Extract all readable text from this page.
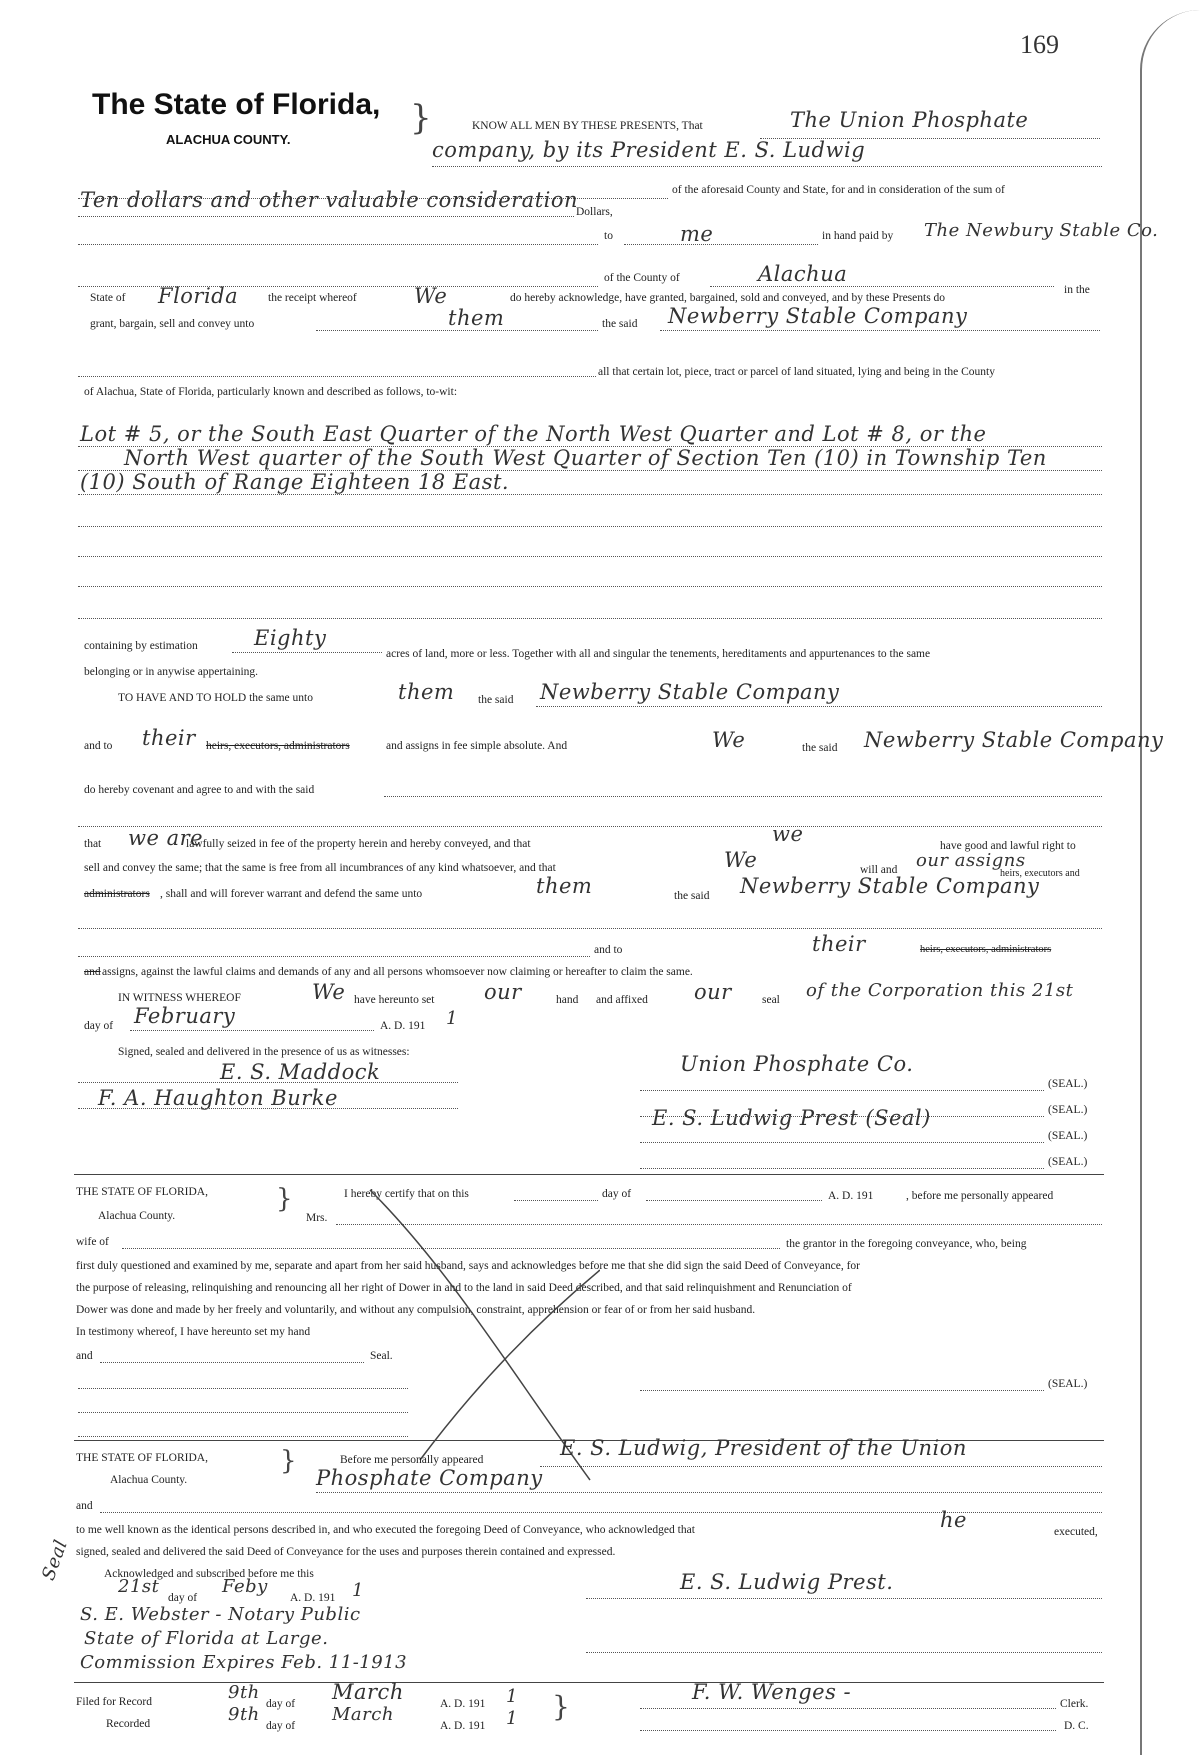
169
The State of Florida,
ALACHUA COUNTY.
}	KNOW ALL MEN BY THESE PRESENTS, That	The Union Phosphate
company, by its President E. S. Ludwig
of the aforesaid County and State, for and in consideration of the sum of
Ten dollars and other valuable consideration
Dollars,
to	me	in hand paid by The Newbury Stable Co.
of the County of	Alachua
in the
State of Florida	the receipt whereof	We	do hereby acknowledge, have granted, bargained, sold and conveyed, and by these Presents do
grant, bargain, sell and convey unto	them	the said Newberry Stable Company
all that certain lot, piece, tract or parcel of land situated, lying and being in the County
of Alachua, State of Florida, particularly known and described as follows, to-wit:
Lot # 5, or the South East Quarter of the North West Quarter and Lot # 8, or the
North West quarter of the South West Quarter of Section Ten (10) in Township Ten
(10) South of Range Eighteen 18 East.
containing by estimation	Eighty
acres of land, more or less. Together with all and singular the tenements, hereditaments and appurtenances to the same
belonging or in anywise appertaining.
TO HAVE AND TO HOLD the same unto	them the said Newberry Stable Company
and to their heirs, executors, administrators	and assigns in fee simple absolute. And	We	the said Newberry Stable Company
do hereby covenant and agree to and with the said
that we are
lawfully seized in fee of the property herein and hereby conveyed, and that	we	have good and lawful right to
sell and convey the same; that the same is free from all incumbrances of any kind whatsoever, and that	We	will and our assigns
heirs, executors and
administrators , shall and will forever warrant and defend the same unto	them	the said Newberry Stable Company
and to	their	heirs, executors, administrators
and assigns, against the lawful claims and demands of any and all persons whomsoever now claiming or hereafter to claim the same.
IN WITNESS WHEREOF	We have hereunto set our	hand and affixed our	seal of the Corporation this 21st
day of February	A. D. 191 1
Signed, sealed and delivered in the presence of us as witnesses:
E. S. Maddock
F. A. Haughton Burke
Union Phosphate Co.
E. S. Ludwig Prest (Seal)
(SEAL.)
(SEAL.)
(SEAL.)
(SEAL.)
THE STATE OF FLORIDA,
Alachua County.
}	I hereby certify that on this	day of	A. D. 191	, before me personally appeared
Mrs.
wife of	the grantor in the foregoing conveyance, who, being
first duly questioned and examined by me, separate and apart from her said husband, says and acknowledges before me that she did sign the said Deed of Conveyance, for
the purpose of releasing, relinquishing and renouncing all her right of Dower in and to the land in said Deed described, and that said relinquishment and Renunciation of
Dower was done and made by her freely and voluntarily, and without any compulsion, constraint, apprehension or fear of or from her said husband.
In testimony whereof, I have hereunto set my hand
and	Seal.
(SEAL.)
THE STATE OF FLORIDA,
Alachua County.
}	Before me personally appeared	E. S. Ludwig, President of the Union
Phosphate Company
and
to me well known as the identical persons described in, and who executed the foregoing Deed of Conveyance, who acknowledged that	he	executed,
signed, sealed and delivered the said Deed of Conveyance for the uses and purposes therein contained and expressed.
Acknowledged and subscribed before me this
21st
day of
Feby
A. D. 191 1	E. S. Ludwig Prest.
S. E. Webster - Notary Public
State of Florida at Large.
Commission Expires Feb. 11-1913
Seal
Filed for Record	9th
day of March	A. D. 191 1	F. W. Wenges -	Clerk.
Recorded	9th
day of
March
A. D. 191 1 }
D. C.
